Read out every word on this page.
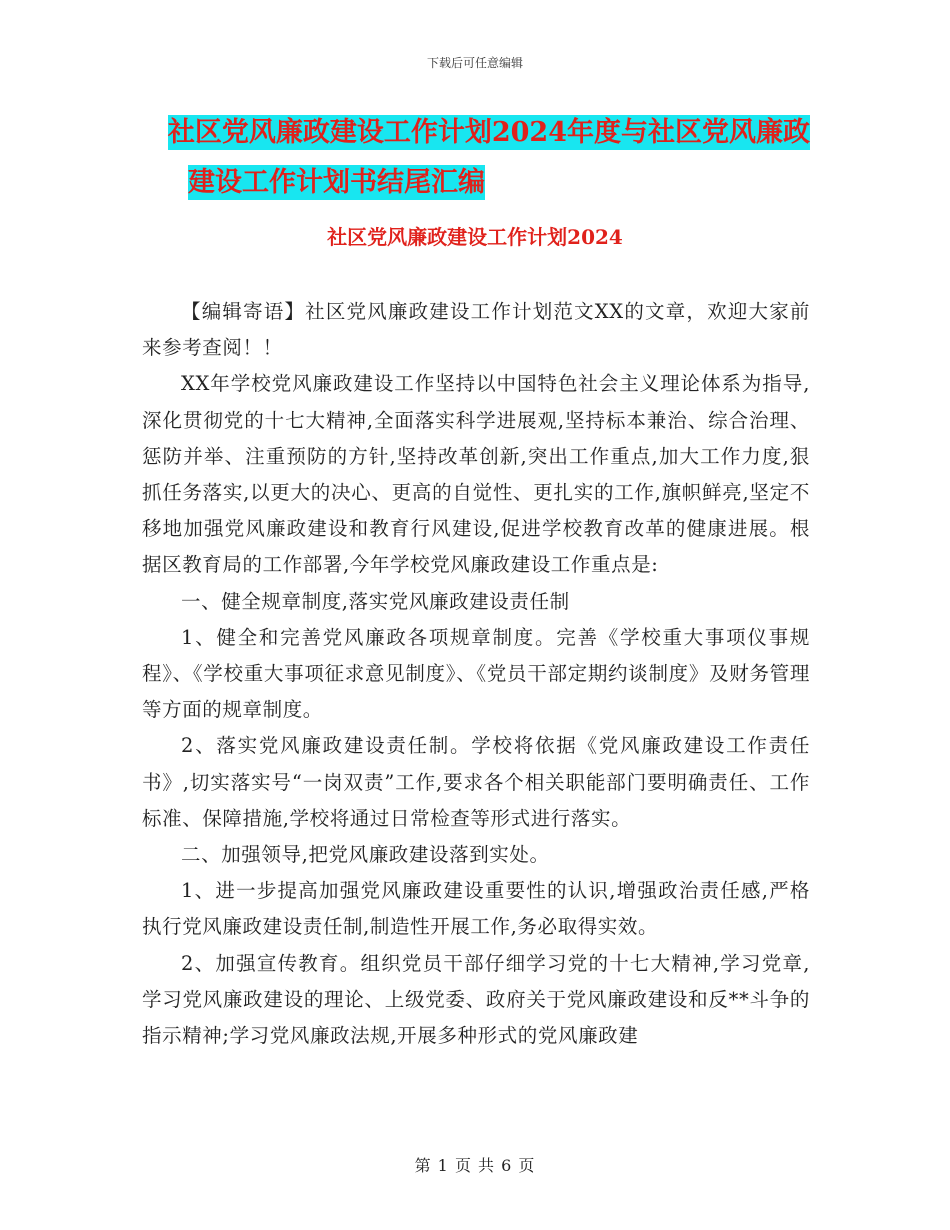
下载后可任意编辑
社区党风廉政建设工作计划2024年度与社区党风廉政
建设工作计划书结尾汇编
社区党风廉政建设工作计划2024

【编辑寄语】社区党风廉政建设工作计划范文XX的文章，欢迎大家前来参考查阅！！

XX年学校党风廉政建设工作坚持以中国特色社会主义理论体系为指导,深化贯彻党的十七大精神,全面落实科学进展观,坚持标本兼治、综合治理、惩防并举、注重预防的方针,坚持改革创新,突出工作重点,加大工作力度,狠抓任务落实,以更大的决心、更高的自觉性、更扎实的工作,旗帜鲜亮,坚定不移地加强党风廉政建设和教育行风建设,促进学校教育改革的健康进展。根据区教育局的工作部署,今年学校党风廉政建设工作重点是:

一、健全规章制度,落实党风廉政建设责任制

1、健全和完善党风廉政各项规章制度。完善《学校重大事项仪事规程》、《学校重大事项征求意见制度》、《党员干部定期约谈制度》及财务管理等方面的规章制度。

2、落实党风廉政建设责任制。学校将依据《党风廉政建设工作责任书》,切实落实号“一岗双责”工作,要求各个相关职能部门要明确责任、工作标准、保障措施,学校将通过日常检查等形式进行落实。

二、加强领导,把党风廉政建设落到实处。

1、进一步提高加强党风廉政建设重要性的认识,增强政治责任感,严格执行党风廉政建设责任制,制造性开展工作,务必取得实效。

2、加强宣传教育。组织党员干部仔细学习党的十七大精神,学习党章,学习党风廉政建设的理论、上级党委、政府关于党风廉政建设和反**斗争的指示精神;学习党风廉政法规,开展多种形式的党风廉政建

第 1 页 共 6 页
